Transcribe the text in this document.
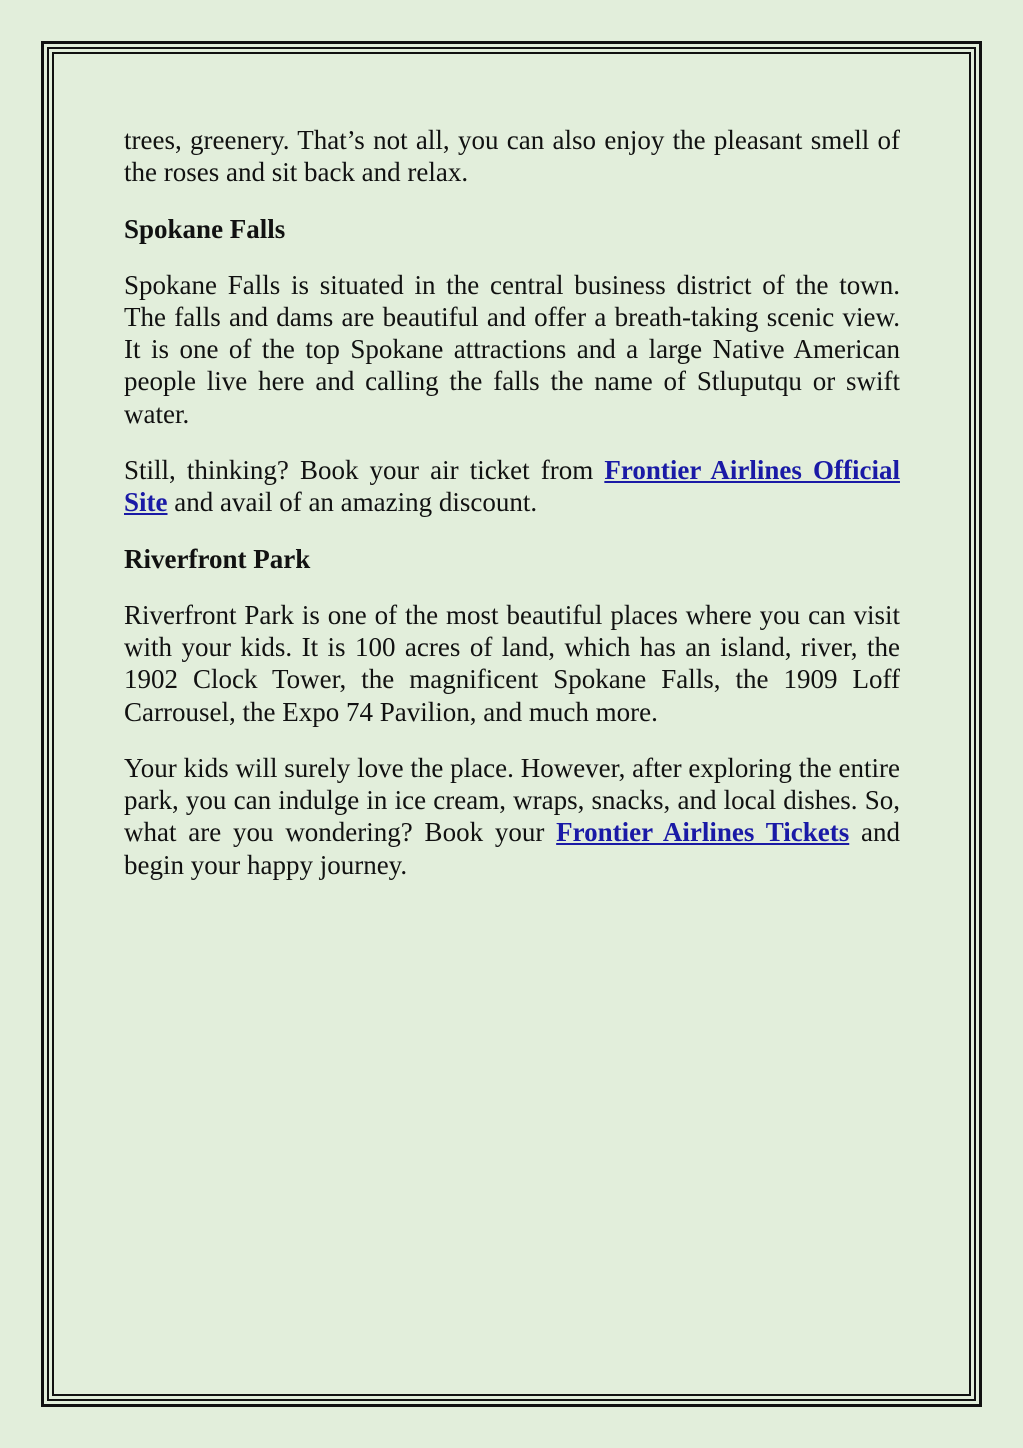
trees, greenery. That’s not all, you can also enjoy the pleasant smell of the roses and sit back and relax.

Spokane Falls

Spokane Falls is situated in the central business district of the town. The falls and dams are beautiful and offer a breath-taking scenic view. It is one of the top Spokane attractions and a large Native American people live here and calling the falls the name of Stluputqu or swift water.

Still, thinking? Book your air ticket from Frontier Airlines Official Site and avail of an amazing discount.

Riverfront Park

Riverfront Park is one of the most beautiful places where you can visit with your kids. It is 100 acres of land, which has an island, river, the 1902 Clock Tower, the magnificent Spokane Falls, the 1909 Loff Carrousel, the Expo 74 Pavilion, and much more.

Your kids will surely love the place. However, after exploring the entire park, you can indulge in ice cream, wraps, snacks, and local dishes. So, what are you wondering? Book your Frontier Airlines Tickets and begin your happy journey.
